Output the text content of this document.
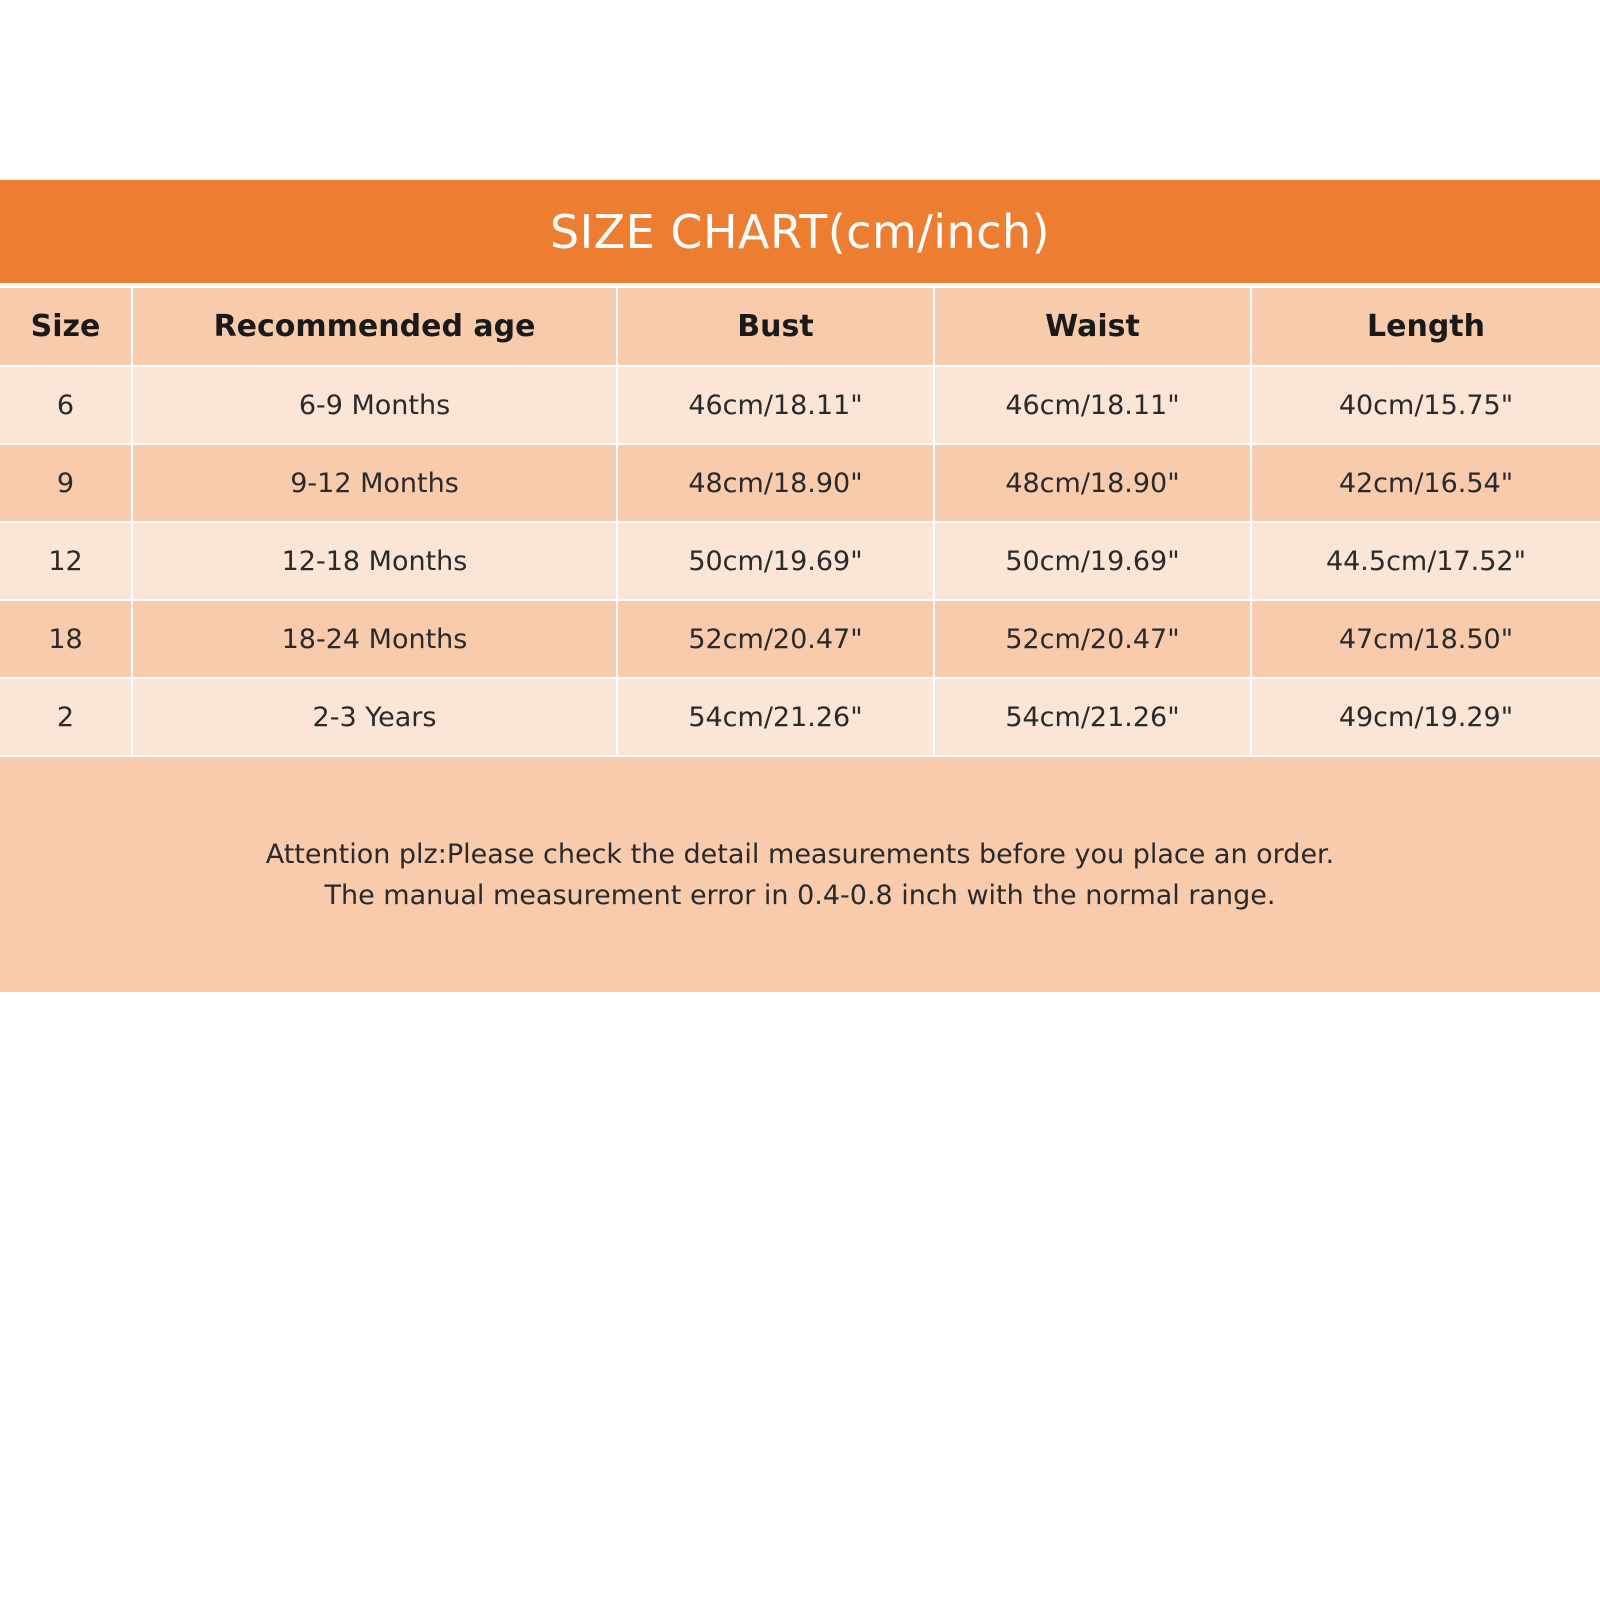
SIZE CHART(cm/inch)
Size	Recommended age	Bust	Waist	Length
6	6-9 Months	46cm/18.11"	46cm/18.11"	40cm/15.75"
9	9-12 Months	48cm/18.90"	48cm/18.90"	42cm/16.54"
12	12-18 Months	50cm/19.69"	50cm/19.69"	44.5cm/17.52"
18	18-24 Months	52cm/20.47"	52cm/20.47"	47cm/18.50"
2	2-3 Years	54cm/21.26"	54cm/21.26"	49cm/19.29"
Attention plz:Please check the detail measurements before you place an order.
The manual measurement error in 0.4-0.8 inch with the normal range.
